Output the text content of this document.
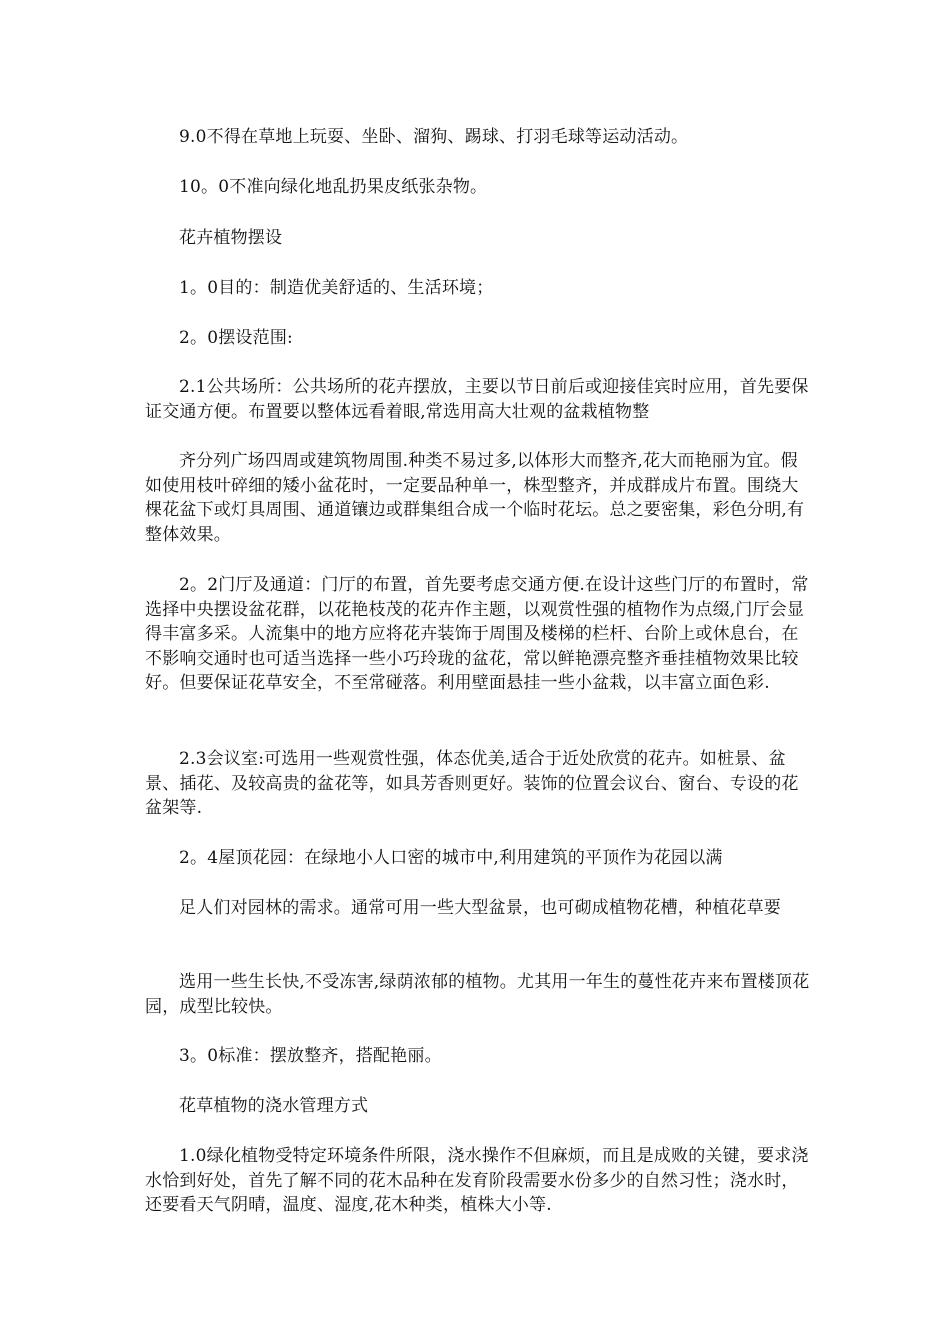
9.0不得在草地上玩耍、坐卧、溜狗、踢球、打羽毛球等运动活动。

10。0不准向绿化地乱扔果皮纸张杂物。

花卉植物摆设

1。0目的：制造优美舒适的、生活环境；

2。0摆设范围:

2.1公共场所：公共场所的花卉摆放，主要以节日前后或迎接佳宾时应用，首先要保证交通方便。布置要以整体远看着眼,常选用高大壮观的盆栽植物整

齐分列广场四周或建筑物周围.种类不易过多,以体形大而整齐,花大而艳丽为宜。假如使用枝叶碎细的矮小盆花时，一定要品种单一，株型整齐，并成群成片布置。围绕大棵花盆下或灯具周围、通道镶边或群集组合成一个临时花坛。总之要密集，彩色分明,有整体效果。

2。2门厅及通道：门厅的布置，首先要考虑交通方便.在设计这些门厅的布置时，常选择中央摆设盆花群，以花艳枝茂的花卉作主题，以观赏性强的植物作为点缀,门厅会显得丰富多采。人流集中的地方应将花卉装饰于周围及楼梯的栏杆、台阶上或休息台，在不影响交通时也可适当选择一些小巧玲珑的盆花，常以鲜艳漂亮整齐垂挂植物效果比较好。但要保证花草安全，不至常碰落。利用壁面悬挂一些小盆栽，以丰富立面色彩.

2.3会议室:可选用一些观赏性强，体态优美,适合于近处欣赏的花卉。如桩景、盆景、插花、及较高贵的盆花等，如具芳香则更好。装饰的位置会议台、窗台、专设的花盆架等.

2。4屋顶花园：在绿地小人口密的城市中,利用建筑的平顶作为花园以满

足人们对园林的需求。通常可用一些大型盆景，也可砌成植物花槽，种植花草要

选用一些生长快,不受冻害,绿荫浓郁的植物。尤其用一年生的蔓性花卉来布置楼顶花园，成型比较快。

3。0标准：摆放整齐，搭配艳丽。

花草植物的浇水管理方式

1.0绿化植物受特定环境条件所限，浇水操作不但麻烦，而且是成败的关键，要求浇水恰到好处，首先了解不同的花木品种在发育阶段需要水份多少的自然习性；浇水时，还要看天气阴晴，温度、湿度,花木种类，植株大小等.
